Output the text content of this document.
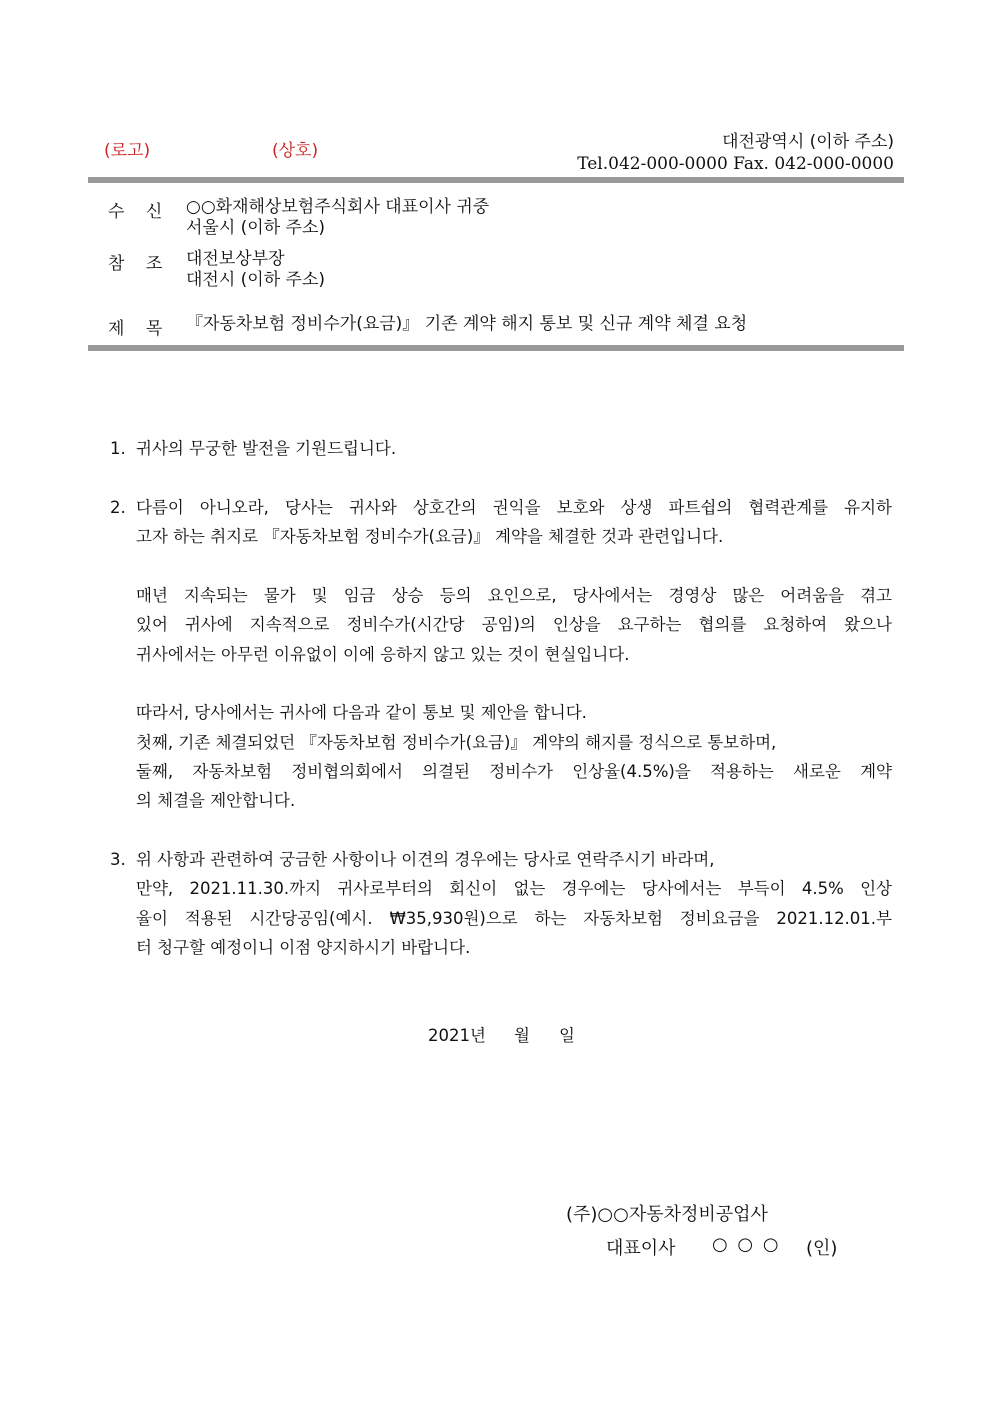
(로고)	(상호)	대전광역시 (이하 주소)
Tel.042-000-0000 Fax. 042-000-0000
수 신 ○○화재해상보험주식회사 대표이사 귀중
서울시 (이하 주소)
참 조 대전보상부장
대전시 (이하 주소)
제 목 『자동차보험 정비수가(요금)』 기존 계약 해지 통보 및 신규 계약 체결 요청
1. 귀사의 무궁한 발전을 기원드립니다.
2. 다름이 아니오라, 당사는 귀사와 상호간의 권익을 보호와 상생 파트쉽의 협력관계를 유지하
고자 하는 취지로 『자동차보험 정비수가(요금)』 계약을 체결한 것과 관련입니다.
매년 지속되는 물가 및 임금 상승 등의 요인으로, 당사에서는 경영상 많은 어려움을 겪고
있어 귀사에 지속적으로 정비수가(시간당 공임)의 인상을 요구하는 협의를 요청하여 왔으나
귀사에서는 아무런 이유없이 이에 응하지 않고 있는 것이 현실입니다.
따라서, 당사에서는 귀사에 다음과 같이 통보 및 제안을 합니다.
첫째, 기존 체결되었던 『자동차보험 정비수가(요금)』 계약의 해지를 정식으로 통보하며,
둘째, 자동차보험 정비협의회에서 의결된 정비수가 인상율(4.5%)을 적용하는 새로운 계약
의 체결을 제안합니다.
3. 위 사항과 관련하여 궁금한 사항이나 이견의 경우에는 당사로 연락주시기 바라며,
만약, 2021.11.30.까지 귀사로부터의 회신이 없는 경우에는 당사에서는 부득이 4.5% 인상
율이 적용된 시간당공임(예시. ₩35,930원)으로 하는 자동차보험 정비요금을 2021.12.01.부
터 청구할 예정이니 이점 양지하시기 바랍니다.
2021년 월 일
(주)○○자동차정비공업사
대표이사 ○ ○ ○ (인)
